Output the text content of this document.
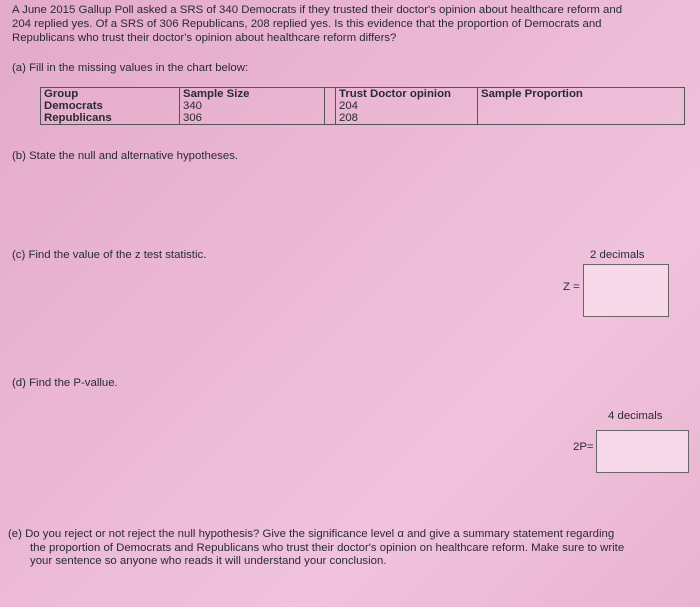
A June 2015 Gallup Poll asked a SRS of 340 Democrats if they trusted their doctor's opinion about healthcare reform and
204 replied yes. Of a SRS of 306 Republicans, 208 replied yes. Is this evidence that the proportion of Democrats and
Republicans who trust their doctor's opinion about healthcare reform differs?
(a) Fill in the missing values in the chart below:
Group	Sample Size		Trust Doctor opinion	Sample Proportion
Democrats	340		204	
Republicans	306		208	
(b) State the null and alternative hypotheses.
(c) Find the value of the z test statistic.	2 decimals
Z =
(d) Find the P-vallue.
4 decimals
2P=
(e) Do you reject or not reject the null hypothesis? Give the significance level α and give a summary statement regarding
the proportion of Democrats and Republicans who trust their doctor's opinion on healthcare reform. Make sure to write
your sentence so anyone who reads it will understand your conclusion.
